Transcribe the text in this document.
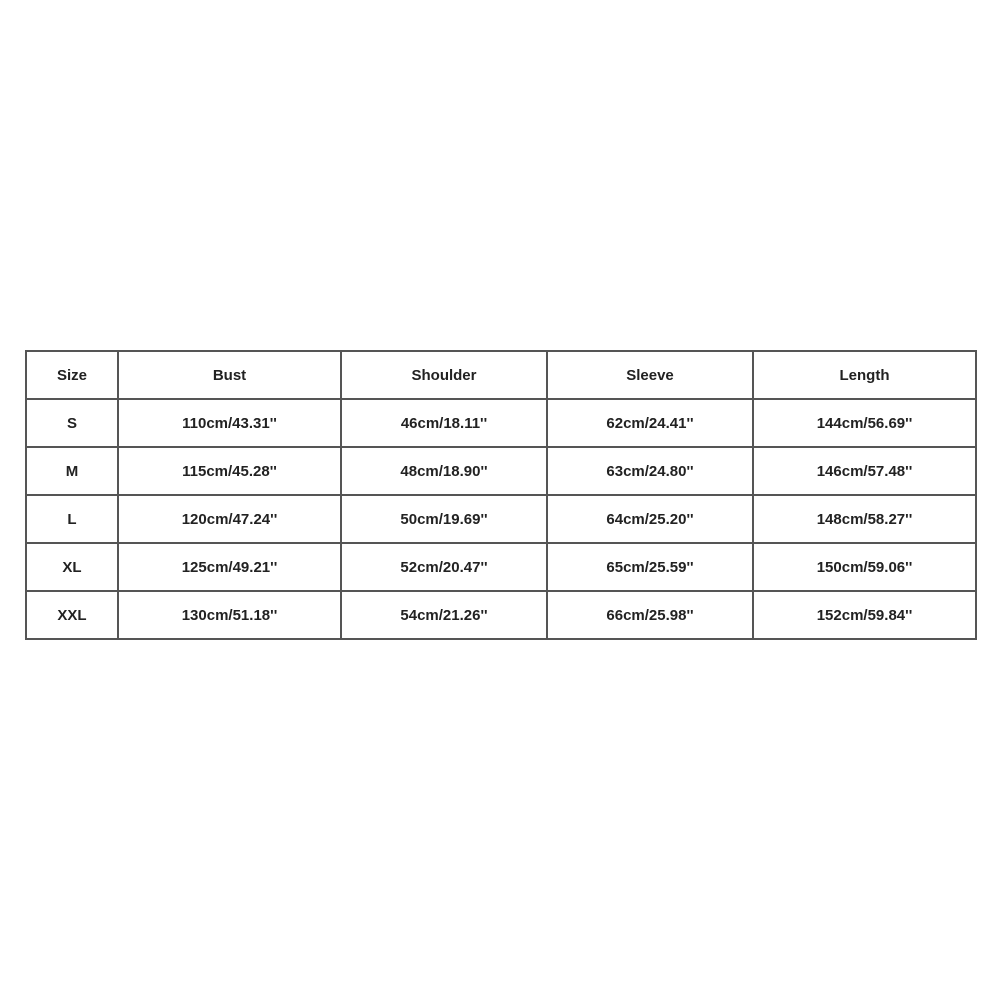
Size	Bust	Shoulder	Sleeve	Length
S	110cm/43.31''	46cm/18.11''	62cm/24.41''	144cm/56.69''
M	115cm/45.28''	48cm/18.90''	63cm/24.80''	146cm/57.48''
L	120cm/47.24''	50cm/19.69''	64cm/25.20''	148cm/58.27''
XL	125cm/49.21''	52cm/20.47''	65cm/25.59''	150cm/59.06''
XXL	130cm/51.18''	54cm/21.26''	66cm/25.98''	152cm/59.84''
